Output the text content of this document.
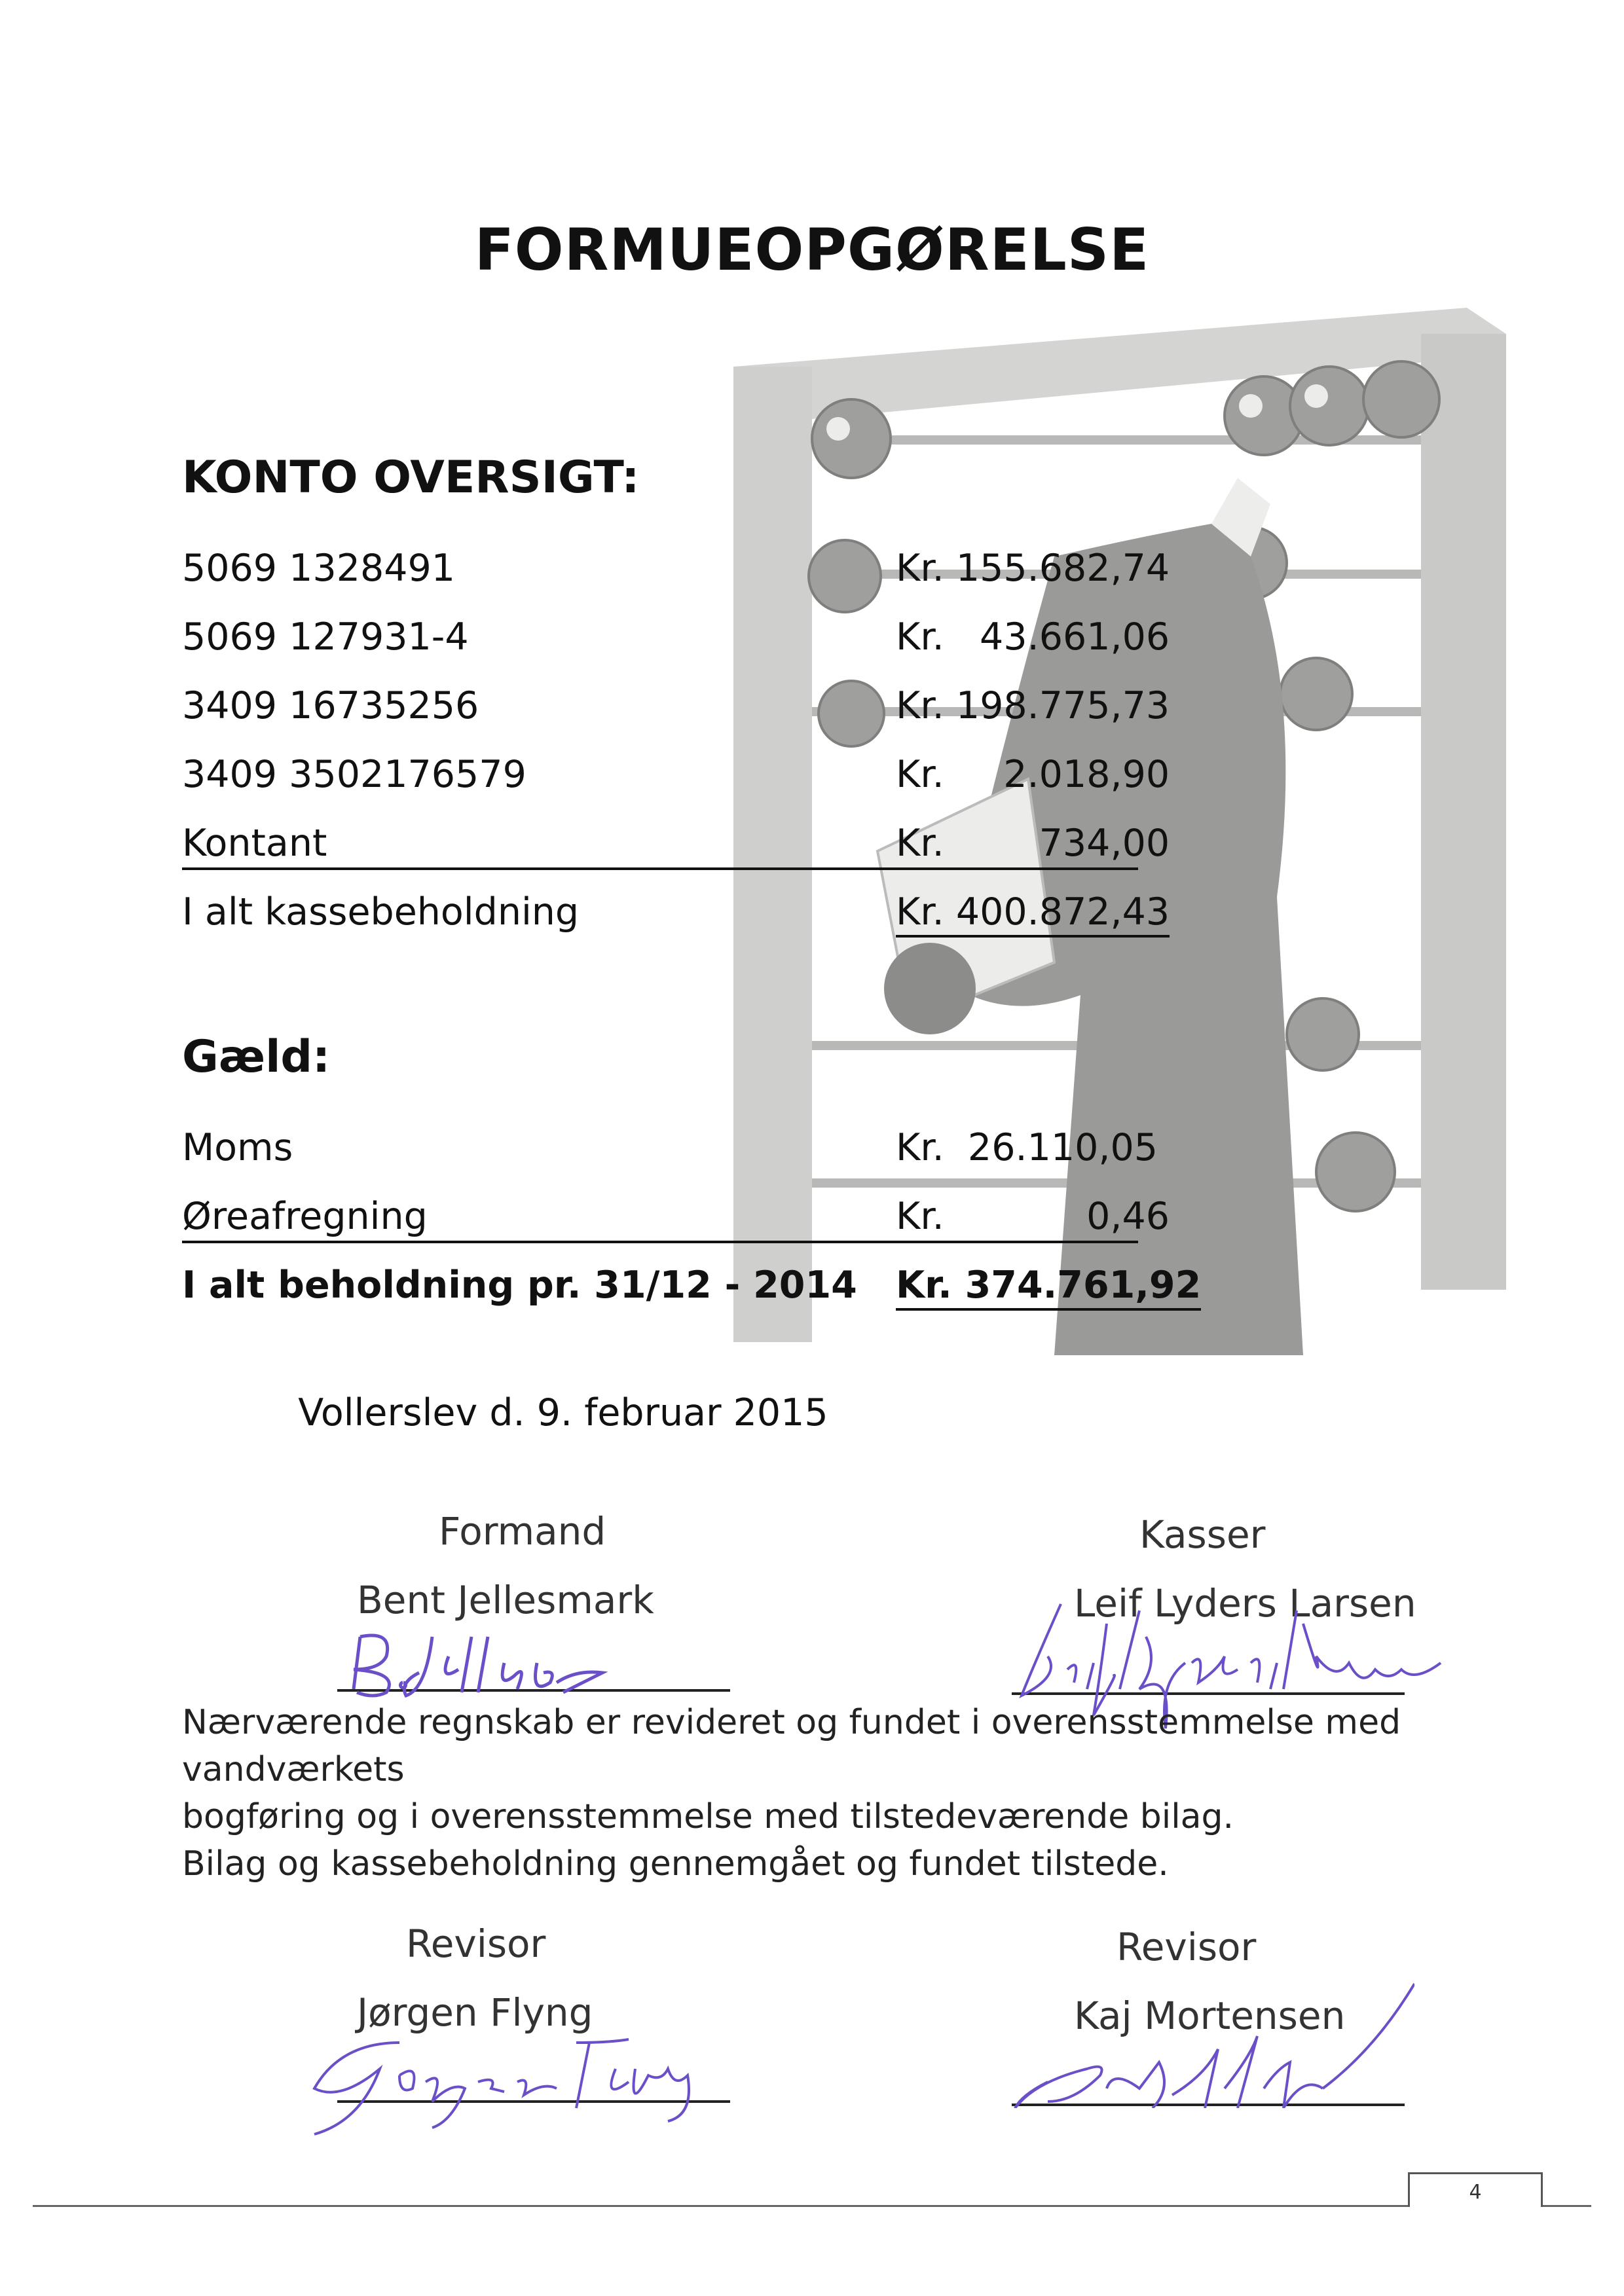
FORMUEOPGØRELSE
KONTO OVERSIGT:
5069 1328491	Kr. 155.682,74
5069 127931-4	Kr.   43.661,06
3409 16735256	Kr. 198.775,73
3409 3502176579	Kr.     2.018,90
Kontant	Kr.        734,00
I alt kassebeholdning	Kr. 400.872,43
Gæld:
Moms	Kr.  26.110,05
Øreafregning	Kr.            0,46
I alt beholdning pr. 31/12 - 2014 Kr. 374.761,92
Vollerslev d. 9. februar 2015
Formand
Bent Jellesmark
Kasser
Leif Lyders Larsen
Nærværende regnskab er revideret og fundet i overensstemmelse med vandværkets
bogføring og i overensstemmelse med tilstedeværende bilag.
Bilag og kassebeholdning gennemgået og fundet tilstede.
Revisor
Jørgen Flyng
Revisor
Kaj Mortensen
4
